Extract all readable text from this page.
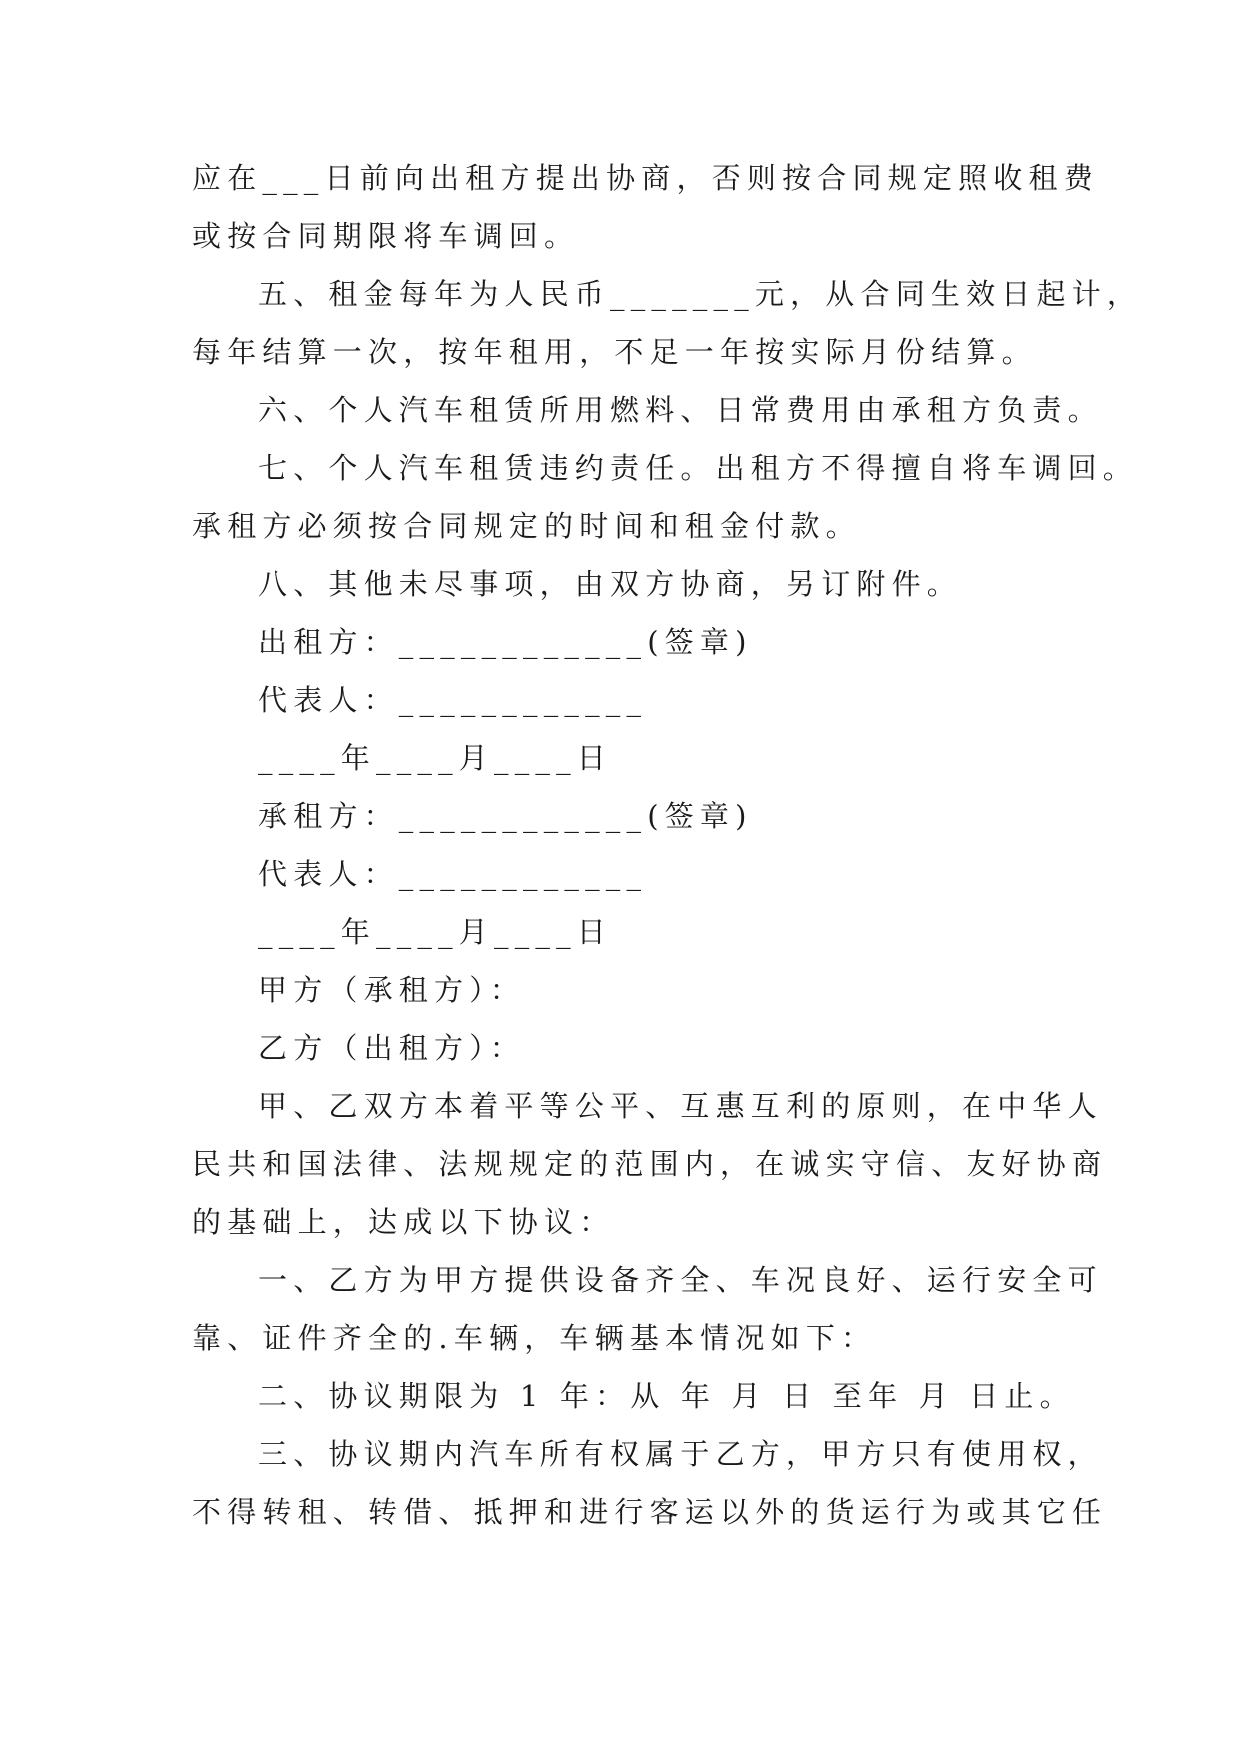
应在___日前向出租方提出协商，否则按合同规定照收租费
或按合同期限将车调回。
五、租金每年为人民币_______元，从合同生效日起计，
每年结算一次，按年租用，不足一年按实际月份结算。
六、个人汽车租赁所用燃料、日常费用由承租方负责。
七、个人汽车租赁违约责任。出租方不得擅自将车调回。
承租方必须按合同规定的时间和租金付款。
八、其他未尽事项，由双方协商，另订附件。
出租方：____________(签章)
代表人：____________
____年____月____日
承租方：____________(签章)
代表人：____________
____年____月____日
甲方（承租方）：
乙方（出租方）：
甲、乙双方本着平等公平、互惠互利的原则，在中华人
民共和国法律、法规规定的范围内，在诚实守信、友好协商
的基础上，达成以下协议：
一、乙方为甲方提供设备齐全、车况良好、运行安全可
靠、证件齐全的.车辆，车辆基本情况如下：
二、协议期限为 1 年：从 年 月 日 至年 月 日止。
三、协议期内汽车所有权属于乙方，甲方只有使用权，
不得转租、转借、抵押和进行客运以外的货运行为或其它任
